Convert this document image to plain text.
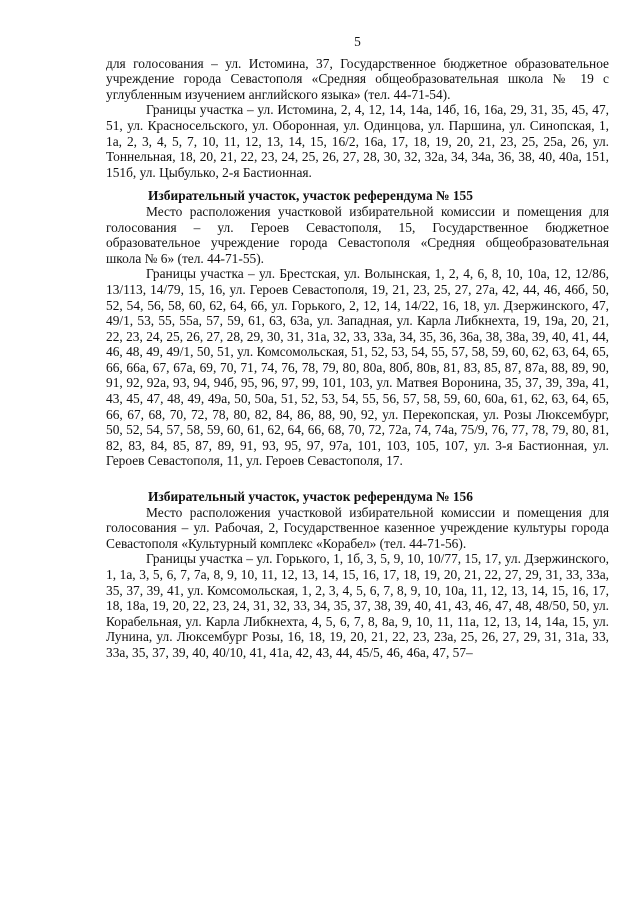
5

для голосования – ул. Истомина, 37, Государственное бюджетное образовательное учреждение города Севастополя «Средняя общеобразовательная школа № 19 с углубленным изучением английского языка» (тел. 44-71-54).

Границы участка – ул. Истомина, 2, 4, 12, 14, 14а, 14б, 16, 16а, 29, 31, 35, 45, 47, 51, ул. Красносельского, ул. Оборонная, ул. Одинцова, ул. Паршина, ул. Синопская, 1, 1а, 2, 3, 4, 5, 7, 10, 11, 12, 13, 14, 15, 16/2, 16а, 17, 18, 19, 20, 21, 23, 25, 25а, 26, ул. Тоннельная, 18, 20, 21, 22, 23, 24, 25, 26, 27, 28, 30, 32, 32а, 34, 34а, 36, 38, 40, 40а, 151, 151б, ул. Цыбулько, 2-я Бастионная.

Избирательный участок, участок референдума № 155

Место расположения участковой избирательной комиссии и помещения для голосования – ул. Героев Севастополя, 15, Государственное бюджетное образовательное учреждение города Севастополя «Средняя общеобразовательная школа № 6» (тел. 44-71-55).

Границы участка – ул. Брестская, ул. Волынская, 1, 2, 4, 6, 8, 10, 10а, 12, 12/86, 13/113, 14/79, 15, 16, ул. Героев Севастополя, 19, 21, 23, 25, 27, 27а, 42, 44, 46, 46б, 50, 52, 54, 56, 58, 60, 62, 64, 66, ул. Горького, 2, 12, 14, 14/22, 16, 18, ул. Дзержинского, 47, 49/1, 53, 55, 55а, 57, 59, 61, 63, 63а, ул. Западная, ул. Карла Либкнехта, 19, 19а, 20, 21, 22, 23, 24, 25, 26, 27, 28, 29, 30, 31, 31а, 32, 33, 33а, 34, 35, 36, 36а, 38, 38а, 39, 40, 41, 44, 46, 48, 49, 49/1, 50, 51, ул. Комсомольская, 51, 52, 53, 54, 55, 57, 58, 59, 60, 62, 63, 64, 65, 66, 66а, 67, 67а, 69, 70, 71, 74, 76, 78, 79, 80, 80а, 80б, 80в, 81, 83, 85, 87, 87а, 88, 89, 90, 91, 92, 92а, 93, 94, 94б, 95, 96, 97, 99, 101, 103, ул. Матвея Воронина, 35, 37, 39, 39а, 41, 43, 45, 47, 48, 49, 49а, 50, 50а, 51, 52, 53, 54, 55, 56, 57, 58, 59, 60, 60а, 61, 62, 63, 64, 65, 66, 67, 68, 70, 72, 78, 80, 82, 84, 86, 88, 90, 92, ул. Перекопская, ул. Розы Люксембург, 50, 52, 54, 57, 58, 59, 60, 61, 62, 64, 66, 68, 70, 72, 72а, 74, 74а, 75/9, 76, 77, 78, 79, 80, 81, 82, 83, 84, 85, 87, 89, 91, 93, 95, 97, 97а, 101, 103, 105, 107, ул. 3-я Бастионная, ул. Героев Севастополя, 11, ул. Героев Севастополя, 17.

Избирательный участок, участок референдума № 156

Место расположения участковой избирательной комиссии и помещения для голосования – ул. Рабочая, 2, Государственное казенное учреждение культуры города Севастополя «Культурный комплекс «Корабел» (тел. 44-71-56).

Границы участка – ул. Горького, 1, 1б, 3, 5, 9, 10, 10/77, 15, 17, ул. Дзержинского, 1, 1а, 3, 5, 6, 7, 7а, 8, 9, 10, 11, 12, 13, 14, 15, 16, 17, 18, 19, 20, 21, 22, 27, 29, 31, 33, 33а, 35, 37, 39, 41, ул. Комсомольская, 1, 2, 3, 4, 5, 6, 7, 8, 9, 10, 10а, 11, 12, 13, 14, 15, 16, 17, 18, 18а, 19, 20, 22, 23, 24, 31, 32, 33, 34, 35, 37, 38, 39, 40, 41, 43, 46, 47, 48, 48/50, 50, ул. Корабельная, ул. Карла Либкнехта, 4, 5, 6, 7, 8, 8а, 9, 10, 11, 11а, 12, 13, 14, 14а, 15, ул. Лунина, ул. Люксембург Розы, 16, 18, 19, 20, 21, 22, 23, 23а, 25, 26, 27, 29, 31, 31а, 33, 33а, 35, 37, 39, 40, 40/10, 41, 41а, 42, 43, 44, 45/5, 46, 46а, 47, 57–
